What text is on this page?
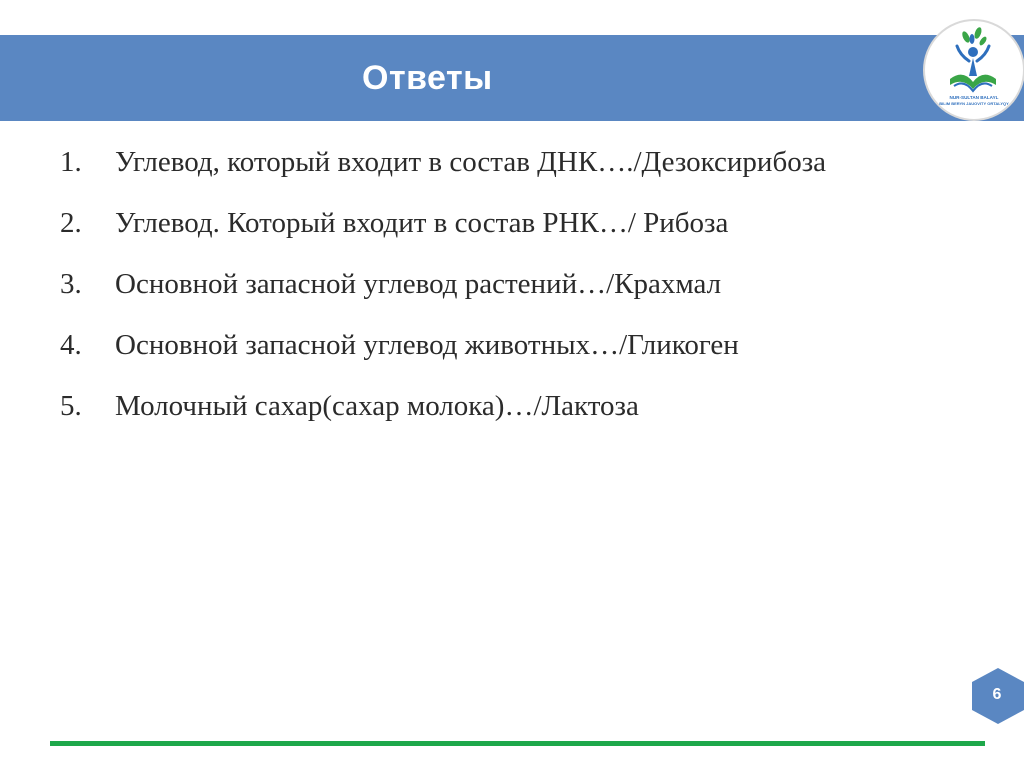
Ответы
NUR-SULTAN BALAYL
BILIM BERYN JAUOVITY ORTALYQY
1.	Углевод, который входит в состав ДНК…./Дезоксирибоза
2.	Углевод. Который входит в состав РНК…/ Рибоза
3.	Основной запасной углевод растений…/Крахмал
4.	Основной запасной углевод животных…/Гликоген
5.	Молочный сахар(сахар молока)…/Лактоза
6
